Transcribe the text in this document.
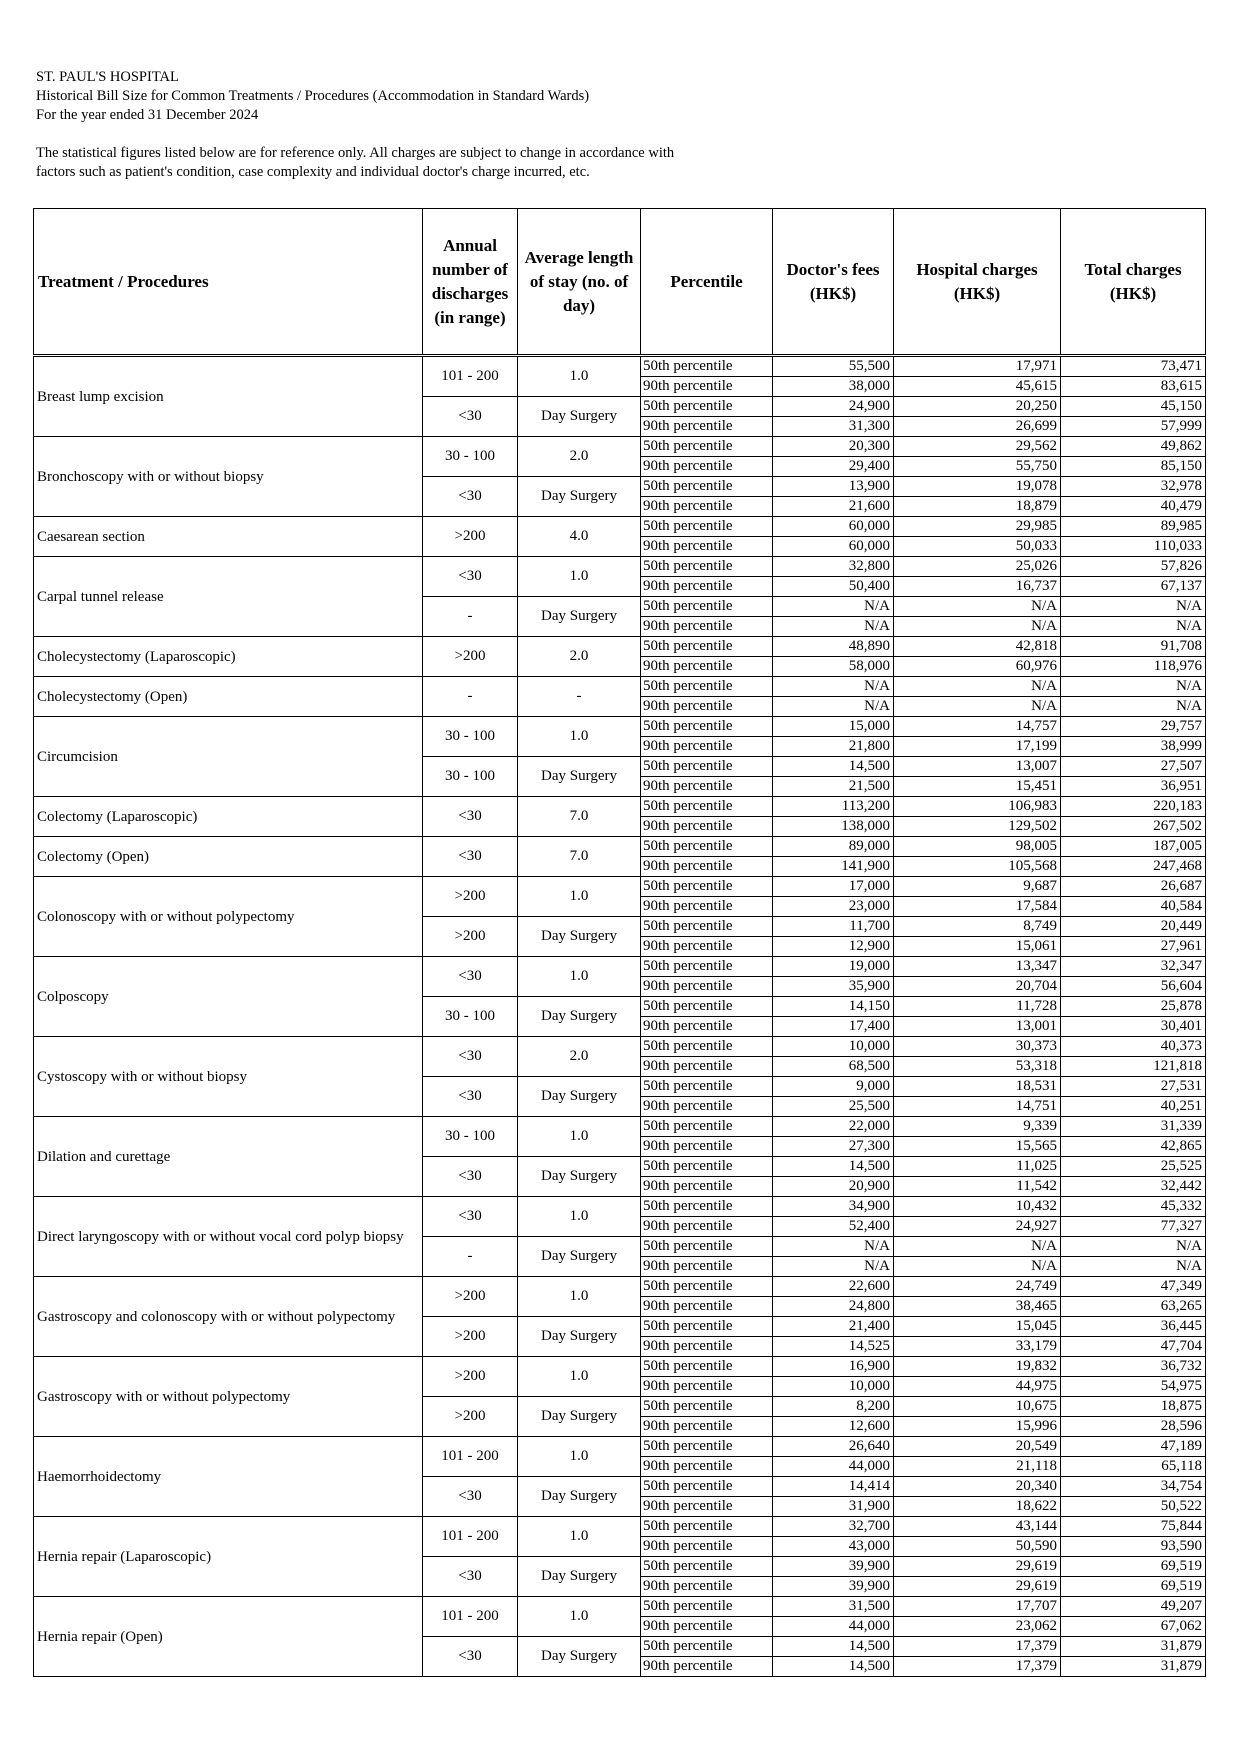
ST. PAUL'S HOSPITAL
Historical Bill Size for Common Treatments / Procedures (Accommodation in Standard Wards)
For the year ended 31 December 2024
The statistical figures listed below are for reference only. All charges are subject to change in accordance with
factors such as patient's condition, case complexity and individual doctor's charge incurred, etc.
Treatment / Procedures	Annual number of discharges (in range)	Average length of stay (no. of day)	Percentile	Doctor's fees (HK$)	Hospital charges (HK$)	Total charges (HK$)
Breast lump excision	101 - 200	1.0	50th percentile	55,500	17,971	73,471
			90th percentile	38,000	45,615	83,615
	<30	Day Surgery	50th percentile	24,900	20,250	45,150
			90th percentile	31,300	26,699	57,999
Bronchoscopy with or without biopsy	30 - 100	2.0	50th percentile	20,300	29,562	49,862
			90th percentile	29,400	55,750	85,150
	<30	Day Surgery	50th percentile	13,900	19,078	32,978
			90th percentile	21,600	18,879	40,479
Caesarean section	>200	4.0	50th percentile	60,000	29,985	89,985
			90th percentile	60,000	50,033	110,033
Carpal tunnel release	<30	1.0	50th percentile	32,800	25,026	57,826
			90th percentile	50,400	16,737	67,137
	-	Day Surgery	50th percentile	N/A	N/A	N/A
			90th percentile	N/A	N/A	N/A
Cholecystectomy (Laparoscopic)	>200	2.0	50th percentile	48,890	42,818	91,708
			90th percentile	58,000	60,976	118,976
Cholecystectomy (Open)	-	-	50th percentile	N/A	N/A	N/A
			90th percentile	N/A	N/A	N/A
Circumcision	30 - 100	1.0	50th percentile	15,000	14,757	29,757
			90th percentile	21,800	17,199	38,999
	30 - 100	Day Surgery	50th percentile	14,500	13,007	27,507
			90th percentile	21,500	15,451	36,951
Colectomy (Laparoscopic)	<30	7.0	50th percentile	113,200	106,983	220,183
			90th percentile	138,000	129,502	267,502
Colectomy (Open)	<30	7.0	50th percentile	89,000	98,005	187,005
			90th percentile	141,900	105,568	247,468
Colonoscopy with or without polypectomy	>200	1.0	50th percentile	17,000	9,687	26,687
			90th percentile	23,000	17,584	40,584
	>200	Day Surgery	50th percentile	11,700	8,749	20,449
			90th percentile	12,900	15,061	27,961
Colposcopy	<30	1.0	50th percentile	19,000	13,347	32,347
			90th percentile	35,900	20,704	56,604
	30 - 100	Day Surgery	50th percentile	14,150	11,728	25,878
			90th percentile	17,400	13,001	30,401
Cystoscopy with or without biopsy	<30	2.0	50th percentile	10,000	30,373	40,373
			90th percentile	68,500	53,318	121,818
	<30	Day Surgery	50th percentile	9,000	18,531	27,531
			90th percentile	25,500	14,751	40,251
Dilation and curettage	30 - 100	1.0	50th percentile	22,000	9,339	31,339
			90th percentile	27,300	15,565	42,865
	<30	Day Surgery	50th percentile	14,500	11,025	25,525
			90th percentile	20,900	11,542	32,442
Direct laryngoscopy with or without vocal cord polyp biopsy	<30	1.0	50th percentile	34,900	10,432	45,332
			90th percentile	52,400	24,927	77,327
	-	Day Surgery	50th percentile	N/A	N/A	N/A
			90th percentile	N/A	N/A	N/A
Gastroscopy and colonoscopy with or without polypectomy	>200	1.0	50th percentile	22,600	24,749	47,349
			90th percentile	24,800	38,465	63,265
	>200	Day Surgery	50th percentile	21,400	15,045	36,445
			90th percentile	14,525	33,179	47,704
Gastroscopy with or without polypectomy	>200	1.0	50th percentile	16,900	19,832	36,732
			90th percentile	10,000	44,975	54,975
	>200	Day Surgery	50th percentile	8,200	10,675	18,875
			90th percentile	12,600	15,996	28,596
Haemorrhoidectomy	101 - 200	1.0	50th percentile	26,640	20,549	47,189
			90th percentile	44,000	21,118	65,118
	<30	Day Surgery	50th percentile	14,414	20,340	34,754
			90th percentile	31,900	18,622	50,522
Hernia repair (Laparoscopic)	101 - 200	1.0	50th percentile	32,700	43,144	75,844
			90th percentile	43,000	50,590	93,590
	<30	Day Surgery	50th percentile	39,900	29,619	69,519
			90th percentile	39,900	29,619	69,519
Hernia repair (Open)	101 - 200	1.0	50th percentile	31,500	17,707	49,207
			90th percentile	44,000	23,062	67,062
	<30	Day Surgery	50th percentile	14,500	17,379	31,879
			90th percentile	14,500	17,379	31,879
